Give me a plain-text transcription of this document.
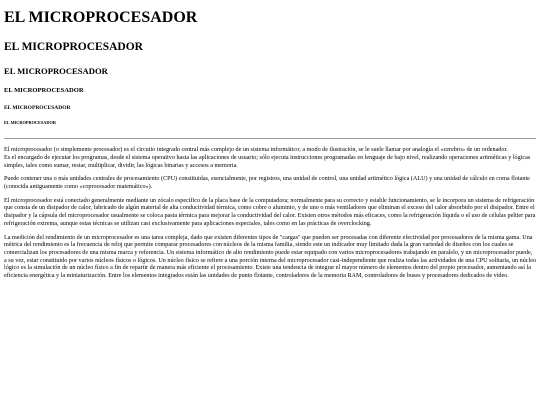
EL MICROPROCESADOR
EL MICROPROCESADOR
EL MICROPROCESADOR
EL MICROPROCESADOR
EL MICROPROCESADOR
EL MICROPROCESADOR

El microprocesador (o simplemente procesador) es el circuito integrado central más complejo de un sistema informático; a modo de ilustración, se le suele llamar por analogía el «cerebro» de un ordenador.
Es el encargado de ejecutar los programas, desde el sistema operativo hasta las aplicaciones de usuario; sólo ejecuta instrucciones programadas en lenguaje de bajo nivel, realizando operaciones aritméticas y lógicas simples, tales como sumar, restar, multiplicar, dividir, las lógicas binarias y accesos a memoria.

Puede contener una o más unidades centrales de procesamiento (CPU) constituidas, esencialmente, por registros, una unidad de control, una unidad aritmético lógica (ALU) y una unidad de cálculo en coma flotante (conocida antiguamente como «coprocesador matemático»).

El microprocesador está conectado generalmente mediante un zócalo específico de la placa base de la computadora; normalmente para su correcto y estable funcionamiento, se le incorpora un sistema de refrigeración que consta de un disipador de calor, fabricado de algún material de alta conductividad térmica, como cobre o aluminio, y de uno o más ventiladores que eliminan el exceso del calor absorbido por el disipador. Entre el disipador y la cápsula del microprocesador usualmente se coloca pasta térmica para mejorar la conductividad del calor. Existen otros métodos más eficaces, como la refrigeración líquida o el uso de células peltier para refrigeración extrema, aunque estas técnicas se utilizan casi exclusivamente para aplicaciones especiales, tales como en las prácticas de overclocking.

La medición del rendimiento de un microprocesador es una tarea compleja, dado que existen diferentes tipos de "cargas" que pueden ser procesadas con diferente efectividad por procesadores de la misma gama. Una métrica del rendimiento es la frecuencia de reloj que permite comparar procesadores con núcleos de la misma familia, siendo este un indicador muy limitado dada la gran variedad de diseños con los cuales se comercializan los procesadores de una misma marca y referencia. Un sistema informático de alto rendimiento puede estar equipado con varios microprocesadores trabajando en paralelo, y un microprocesador puede, a su vez, estar constituido por varios núcleos físicos o lógicos. Un núcleo físico se refiere a una porción interna del microprocesador casi-independiente que realiza todas las actividades de una CPU solitaria, un núcleo lógico es la simulación de un núcleo físico a fin de repartir de manera más eficiente el procesamiento. Existe una tendencia de integrar el mayor número de elementos dentro del propio procesador, aumentando así la eficiencia energética y la miniaturización. Entre los elementos integrados están las unidades de punto flotante, controladores de la memoria RAM, controladores de buses y procesadores dedicados de vídeo.
